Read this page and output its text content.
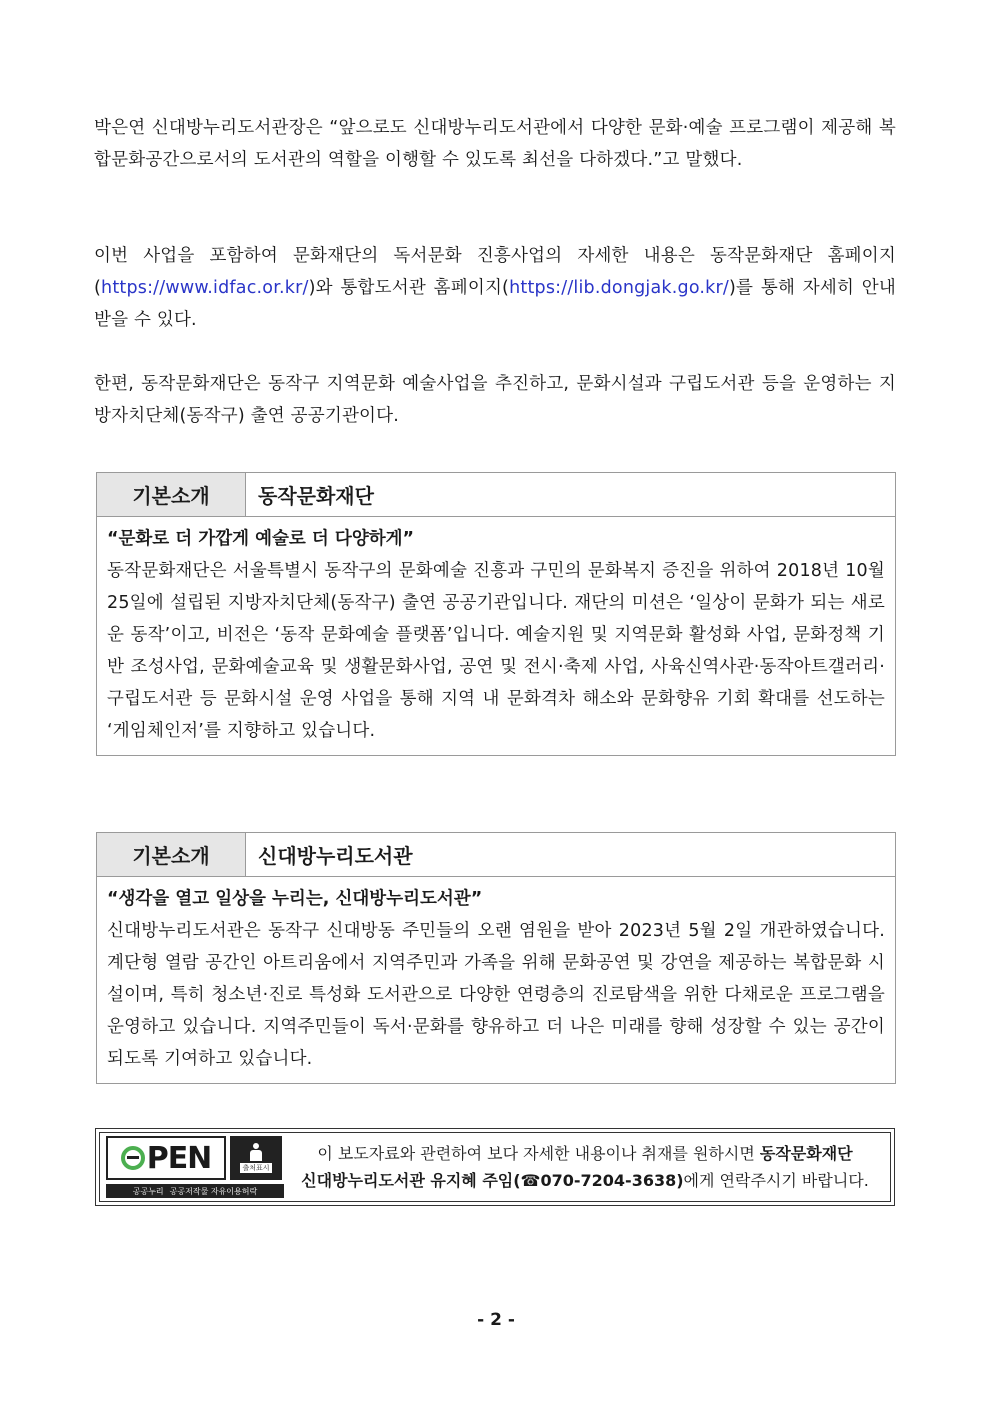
박은연 신대방누리도서관장은 “앞으로도 신대방누리도서관에서 다양한 문화·예술 프로그램이 제공해 복합문화공간으로서의 도서관의 역할을 이행할 수 있도록 최선을 다하겠다.”고 말했다.
이번 사업을 포함하여 문화재단의 독서문화 진흥사업의 자세한 내용은 동작문화재단 홈페이지(https://www.idfac.or.kr/)와 통합도서관 홈페이지(https://lib.dongjak.go.kr/)를 통해 자세히 안내받을 수 있다.
한편, 동작문화재단은 동작구 지역문화 예술사업을 추진하고, 문화시설과 구립도서관 등을 운영하는 지방자치단체(동작구) 출연 공공기관이다.
기본소개	동작문화재단
“문화로 더 가깝게 예술로 더 다양하게”
동작문화재단은 서울특별시 동작구의 문화예술 진흥과 구민의 문화복지 증진을 위하여 2018년 10월 25일에 설립된 지방자치단체(동작구) 출연 공공기관입니다. 재단의 미션은 ‘일상이 문화가 되는 새로운 동작’이고, 비전은 ‘동작 문화예술 플랫폼’입니다. 예술지원 및 지역문화 활성화 사업, 문화정책 기반 조성사업, 문화예술교육 및 생활문화사업, 공연 및 전시·축제 사업, 사육신역사관·동작아트갤러리·구립도서관 등 문화시설 운영 사업을 통해 지역 내 문화격차 해소와 문화향유 기회 확대를 선도하는 ‘게임체인저’를 지향하고 있습니다.
기본소개	신대방누리도서관
“생각을 열고 일상을 누리는, 신대방누리도서관”
신대방누리도서관은 동작구 신대방동 주민들의 오랜 염원을 받아 2023년 5월 2일 개관하였습니다. 계단형 열람 공간인 아트리움에서 지역주민과 가족을 위해 문화공연 및 강연을 제공하는 복합문화 시설이며, 특히 청소년·진로 특성화 도서관으로 다양한 연령층의 진로탐색을 위한 다채로운 프로그램을 운영하고 있습니다. 지역주민들이 독서·문화를 향유하고 더 나은 미래를 향해 성장할 수 있는 공간이 되도록 기여하고 있습니다.
PEN	출처표시
공공누리 공공저작물 자유이용허락
이 보도자료와 관련하여 보다 자세한 내용이나 취재를 원하시면 동작문화재단
신대방누리도서관 유지혜 주임(☎070-7204-3638)에게 연락주시기 바랍니다.
- 2 -
